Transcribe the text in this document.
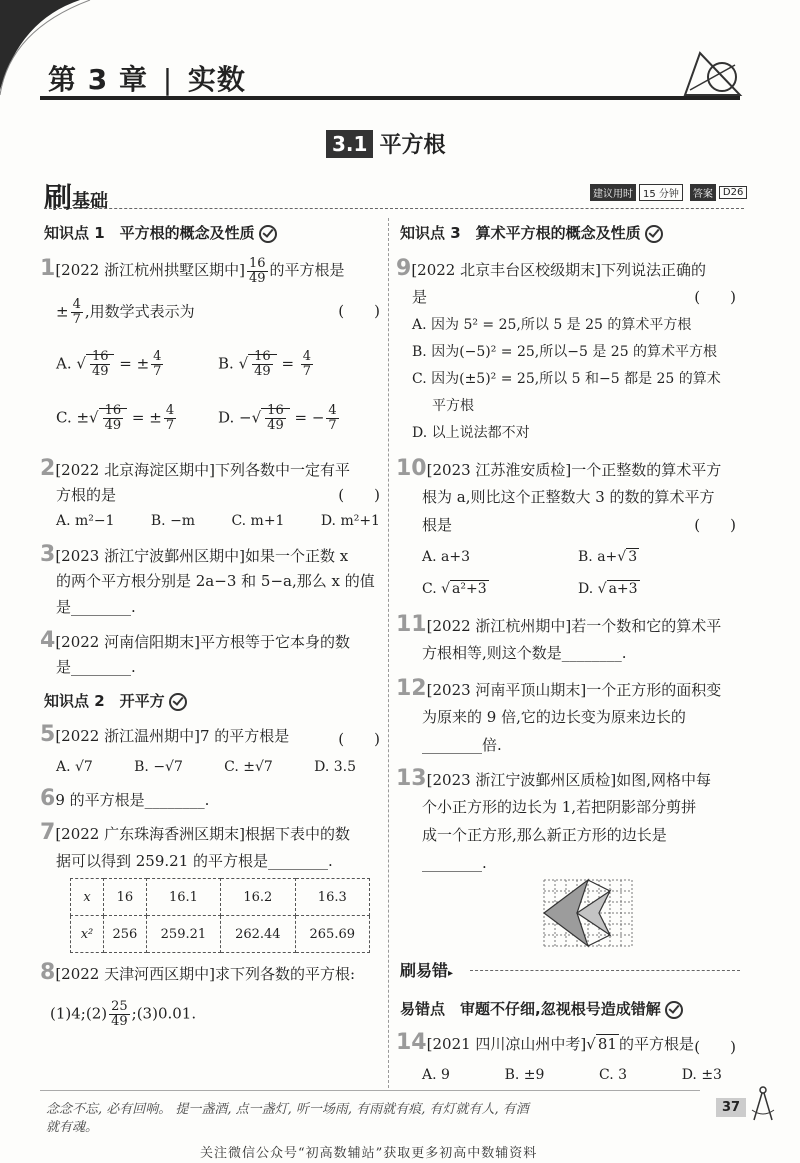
第 3 章 | 实数
3.1 平方根
刷基础	建议用时	15 分钟	答案	D26
知识点 1　平方根的概念及性质
1[2022 浙江杭州拱墅区期中] $\frac{16}{49}$ 的平方根是
± $\frac{4}{7}$ ,用数学式表示为	(　　)
A. √ $\frac{16}{49}$ = ± $\frac{4}{7}$	B. √ $\frac{16}{49} = \frac{4}{7}$
C. ±√ $\frac{16}{49}$ = ± $\frac{4}{7}$	D. −√ $\frac{16}{49}$ = − $\frac{4}{7}$
2[2022 北京海淀区期中]下列各数中一定有平
方根的是	(　　)
A. m²−1	B. −m	C. m+1	D. m²+1
3[2023 浙江宁波鄞州区期中]如果一个正数 x
的两个平方根分别是 2a−3 和 5−a,那么 x 的值
是________.
4[2022 河南信阳期末]平方根等于它本身的数
是________.
知识点 2　开平方
5[2022 浙江温州期中]7 的平方根是	(　　)
A. √7	B. −√7	C. ±√7	D. 3.5
69 的平方根是________.
7[2022 广东珠海香洲区期末]根据下表中的数
据可以得到 259.21 的平方根是________.
x	16	16.1	16.2	16.3
x²	256	259.21	262.44	265.69
8[2022 天津河西区期中]求下列各数的平方根:
(1)4;(2) $\frac{25}{49}$ ;(3)0.01.
知识点 3　算术平方根的概念及性质
9[2022 北京丰台区校级期末]下列说法正确的
是	(　　)
A. 因为 5² = 25,所以 5 是 25 的算术平方根
B. 因为(−5)² = 25,所以−5 是 25 的算术平方根
C. 因为(±5)² = 25,所以 5 和−5 都是 25 的算术
平方根
D. 以上说法都不对
10[2023 江苏淮安质检]一个正整数的算术平方
根为 a,则比这个正整数大 3 的数的算术平方
根是	(　　)
A. a+3	B. a+√ 3
C. √ a²+3	D. √ a+3
11[2022 浙江杭州期中]若一个数和它的算术平
方根相等,则这个数是________.
12[2023 河南平顶山期末]一个正方形的面积变
为原来的 9 倍,它的边长变为原来边长的
________倍.
13[2023 浙江宁波鄞州区质检]如图,网格中每
个小正方形的边长为 1,若把阴影部分剪拼
成一个正方形,那么新正方形的边长是
________.
刷易错▸
易错点　审题不仔细,忽视根号造成错解
14[2021 四川凉山州中考]√ 81 的平方根是 (　　)
A. 9	B. ±9	C. 3	D. ±3
念念不忘, 必有回响。 提一盏酒, 点一盏灯, 听一场雨, 有雨就有痕, 有灯就有人, 有酒
就有魂。
37
关注微信公众号“初高数辅站”获取更多初高中数辅资料
